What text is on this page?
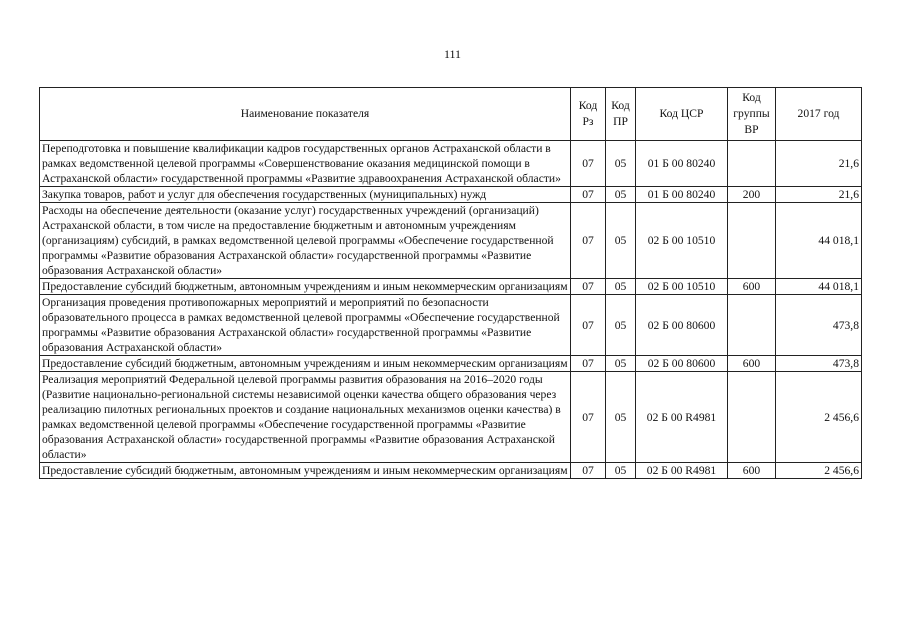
111
Наименование показателя	Код Рз	Код ПР	Код ЦСР	Код группы ВР	2017 год
Переподготовка и повышение квалификации кадров государственных органов Астраханской области в рамках ведомственной целевой программы «Совершенствование оказания медицинской помощи в Астраханской области» государственной программы «Развитие здравоохранения Астраханской области»	07	05	01 Б 00 80240		21,6
Закупка товаров, работ и услуг для обеспечения государственных (муниципальных) нужд	07	05	01 Б 00 80240	200	21,6
Расходы на обеспечение деятельности (оказание услуг) государственных учреждений (организаций) Астраханской области, в том числе на предоставление бюджетным и автономным учреждениям (организациям) субсидий, в рамках ведомственной целевой программы «Обеспечение государственной программы «Развитие образования Астраханской области» государственной программы «Развитие образования Астраханской области»	07	05	02 Б 00 10510		44 018,1
Предоставление субсидий бюджетным, автономным учреждениям и иным некоммерческим организациям	07	05	02 Б 00 10510	600	44 018,1
Организация проведения противопожарных мероприятий и мероприятий по безопасности образовательного процесса в рамках ведомственной целевой программы «Обеспечение государственной программы «Развитие образования Астраханской области» государственной программы «Развитие образования Астраханской области»	07	05	02 Б 00 80600		473,8
Предоставление субсидий бюджетным, автономным учреждениям и иным некоммерческим организациям	07	05	02 Б 00 80600	600	473,8
Реализация мероприятий Федеральной целевой программы развития образования на 2016–2020 годы (Развитие национально-региональной системы независимой оценки качества общего образования через реализацию пилотных региональных проектов и создание национальных механизмов оценки качества) в рамках ведомственной целевой программы «Обеспечение государственной программы «Развитие образования Астраханской области» государственной программы «Развитие образования Астраханской области»	07	05	02 Б 00 R4981		2 456,6
Предоставление субсидий бюджетным, автономным учреждениям и иным некоммерческим организациям	07	05	02 Б 00 R4981	600	2 456,6
